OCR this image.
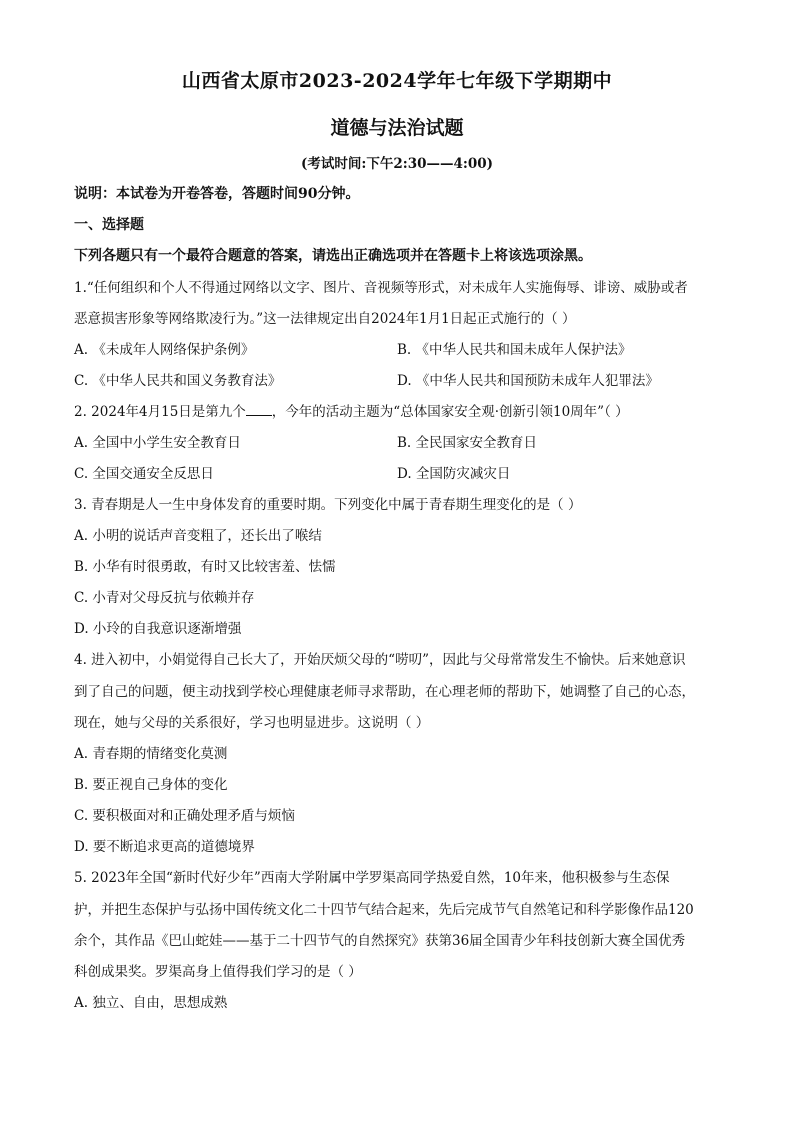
山西省太原市2023-2024学年七年级下学期期中
道德与法治试题
(考试时间:下午2:30——4:00)
说明：本试卷为开卷答卷，答题时间90分钟。
一、选择题
下列各题只有一个最符合题意的答案，请选出正确选项并在答题卡上将该选项涂黑。
1.“任何组织和个人不得通过网络以文字、图片、音视频等形式，对未成年人实施侮辱、诽谤、威胁或者
恶意损害形象等网络欺凌行为。”这一法律规定出自2024年1月1日起正式施行的（ ）
A. 《未成年人网络保护条例》	B. 《中华人民共和国未成年人保护法》
C. 《中华人民共和国义务教育法》	D. 《中华人民共和国预防未成年人犯罪法》
2. 2024年4月15日是第九个 ，今年的活动主题为“总体国家安全观·创新引领10周年”（ ）
A. 全国中小学生安全教育日	B. 全民国家安全教育日
C. 全国交通安全反思日	D. 全国防灾减灾日
3. 青春期是人一生中身体发育的重要时期。下列变化中属于青春期生理变化的是（ ）
A. 小明的说话声音变粗了，还长出了喉结
B. 小华有时很勇敢，有时又比较害羞、怯懦
C. 小青对父母反抗与依赖并存
D. 小玲的自我意识逐渐增强
4. 进入初中，小娟觉得自己长大了，开始厌烦父母的“唠叨”，因此与父母常常发生不愉快。后来她意识
到了自己的问题，便主动找到学校心理健康老师寻求帮助，在心理老师的帮助下，她调整了自己的心态，
现在，她与父母的关系很好，学习也明显进步。这说明（ ）
A. 青春期的情绪变化莫测
B. 要正视自己身体的变化
C. 要积极面对和正确处理矛盾与烦恼
D. 要不断追求更高的道德境界
5. 2023年全国“新时代好少年”西南大学附属中学罗渠高同学热爱自然，10年来，他积极参与生态保
护，并把生态保护与弘扬中国传统文化二十四节气结合起来，先后完成节气自然笔记和科学影像作品120
余个，其作品《巴山蛇娃——基于二十四节气的自然探究》获第36届全国青少年科技创新大赛全国优秀
科创成果奖。罗渠高身上值得我们学习的是（ ）
A. 独立、自由，思想成熟
